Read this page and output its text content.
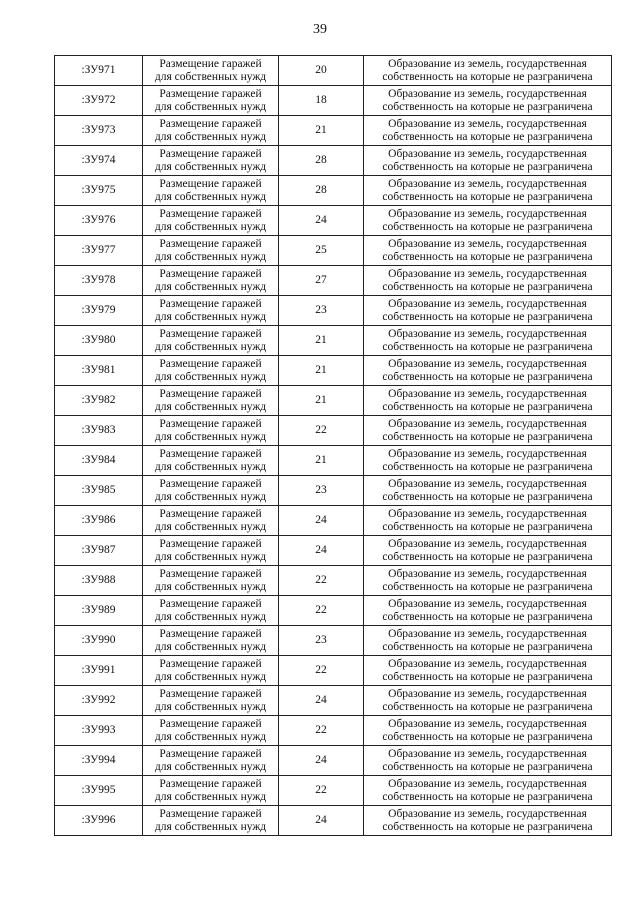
39
:ЗУ971	Размещение гаражей
для собственных нужд	20	Образование из земель, государственная
собственность на которые не разграничена

:ЗУ972	Размещение гаражей
для собственных нужд	18	Образование из земель, государственная
собственность на которые не разграничена

:ЗУ973	Размещение гаражей
для собственных нужд	21	Образование из земель, государственная
собственность на которые не разграничена

:ЗУ974	Размещение гаражей
для собственных нужд	28	Образование из земель, государственная
собственность на которые не разграничена

:ЗУ975	Размещение гаражей
для собственных нужд	28	Образование из земель, государственная
собственность на которые не разграничена

:ЗУ976	Размещение гаражей
для собственных нужд	24	Образование из земель, государственная
собственность на которые не разграничена

:ЗУ977	Размещение гаражей
для собственных нужд	25	Образование из земель, государственная
собственность на которые не разграничена

:ЗУ978	Размещение гаражей
для собственных нужд	27	Образование из земель, государственная
собственность на которые не разграничена

:ЗУ979	Размещение гаражей
для собственных нужд	23	Образование из земель, государственная
собственность на которые не разграничена

:ЗУ980	Размещение гаражей
для собственных нужд	21	Образование из земель, государственная
собственность на которые не разграничена

:ЗУ981	Размещение гаражей
для собственных нужд	21	Образование из земель, государственная
собственность на которые не разграничена

:ЗУ982	Размещение гаражей
для собственных нужд	21	Образование из земель, государственная
собственность на которые не разграничена

:ЗУ983	Размещение гаражей
для собственных нужд	22	Образование из земель, государственная
собственность на которые не разграничена

:ЗУ984	Размещение гаражей
для собственных нужд	21	Образование из земель, государственная
собственность на которые не разграничена

:ЗУ985	Размещение гаражей
для собственных нужд	23	Образование из земель, государственная
собственность на которые не разграничена

:ЗУ986	Размещение гаражей
для собственных нужд	24	Образование из земель, государственная
собственность на которые не разграничена

:ЗУ987	Размещение гаражей
для собственных нужд	24	Образование из земель, государственная
собственность на которые не разграничена

:ЗУ988	Размещение гаражей
для собственных нужд	22	Образование из земель, государственная
собственность на которые не разграничена

:ЗУ989	Размещение гаражей
для собственных нужд	22	Образование из земель, государственная
собственность на которые не разграничена

:ЗУ990	Размещение гаражей
для собственных нужд	23	Образование из земель, государственная
собственность на которые не разграничена

:ЗУ991	Размещение гаражей
для собственных нужд	22	Образование из земель, государственная
собственность на которые не разграничена

:ЗУ992	Размещение гаражей
для собственных нужд	24	Образование из земель, государственная
собственность на которые не разграничена

:ЗУ993	Размещение гаражей
для собственных нужд	22	Образование из земель, государственная
собственность на которые не разграничена

:ЗУ994	Размещение гаражей
для собственных нужд	24	Образование из земель, государственная
собственность на которые не разграничена

:ЗУ995	Размещение гаражей
для собственных нужд	22	Образование из земель, государственная
собственность на которые не разграничена

:ЗУ996	Размещение гаражей
для собственных нужд	24	Образование из земель, государственная
собственность на которые не разграничена
